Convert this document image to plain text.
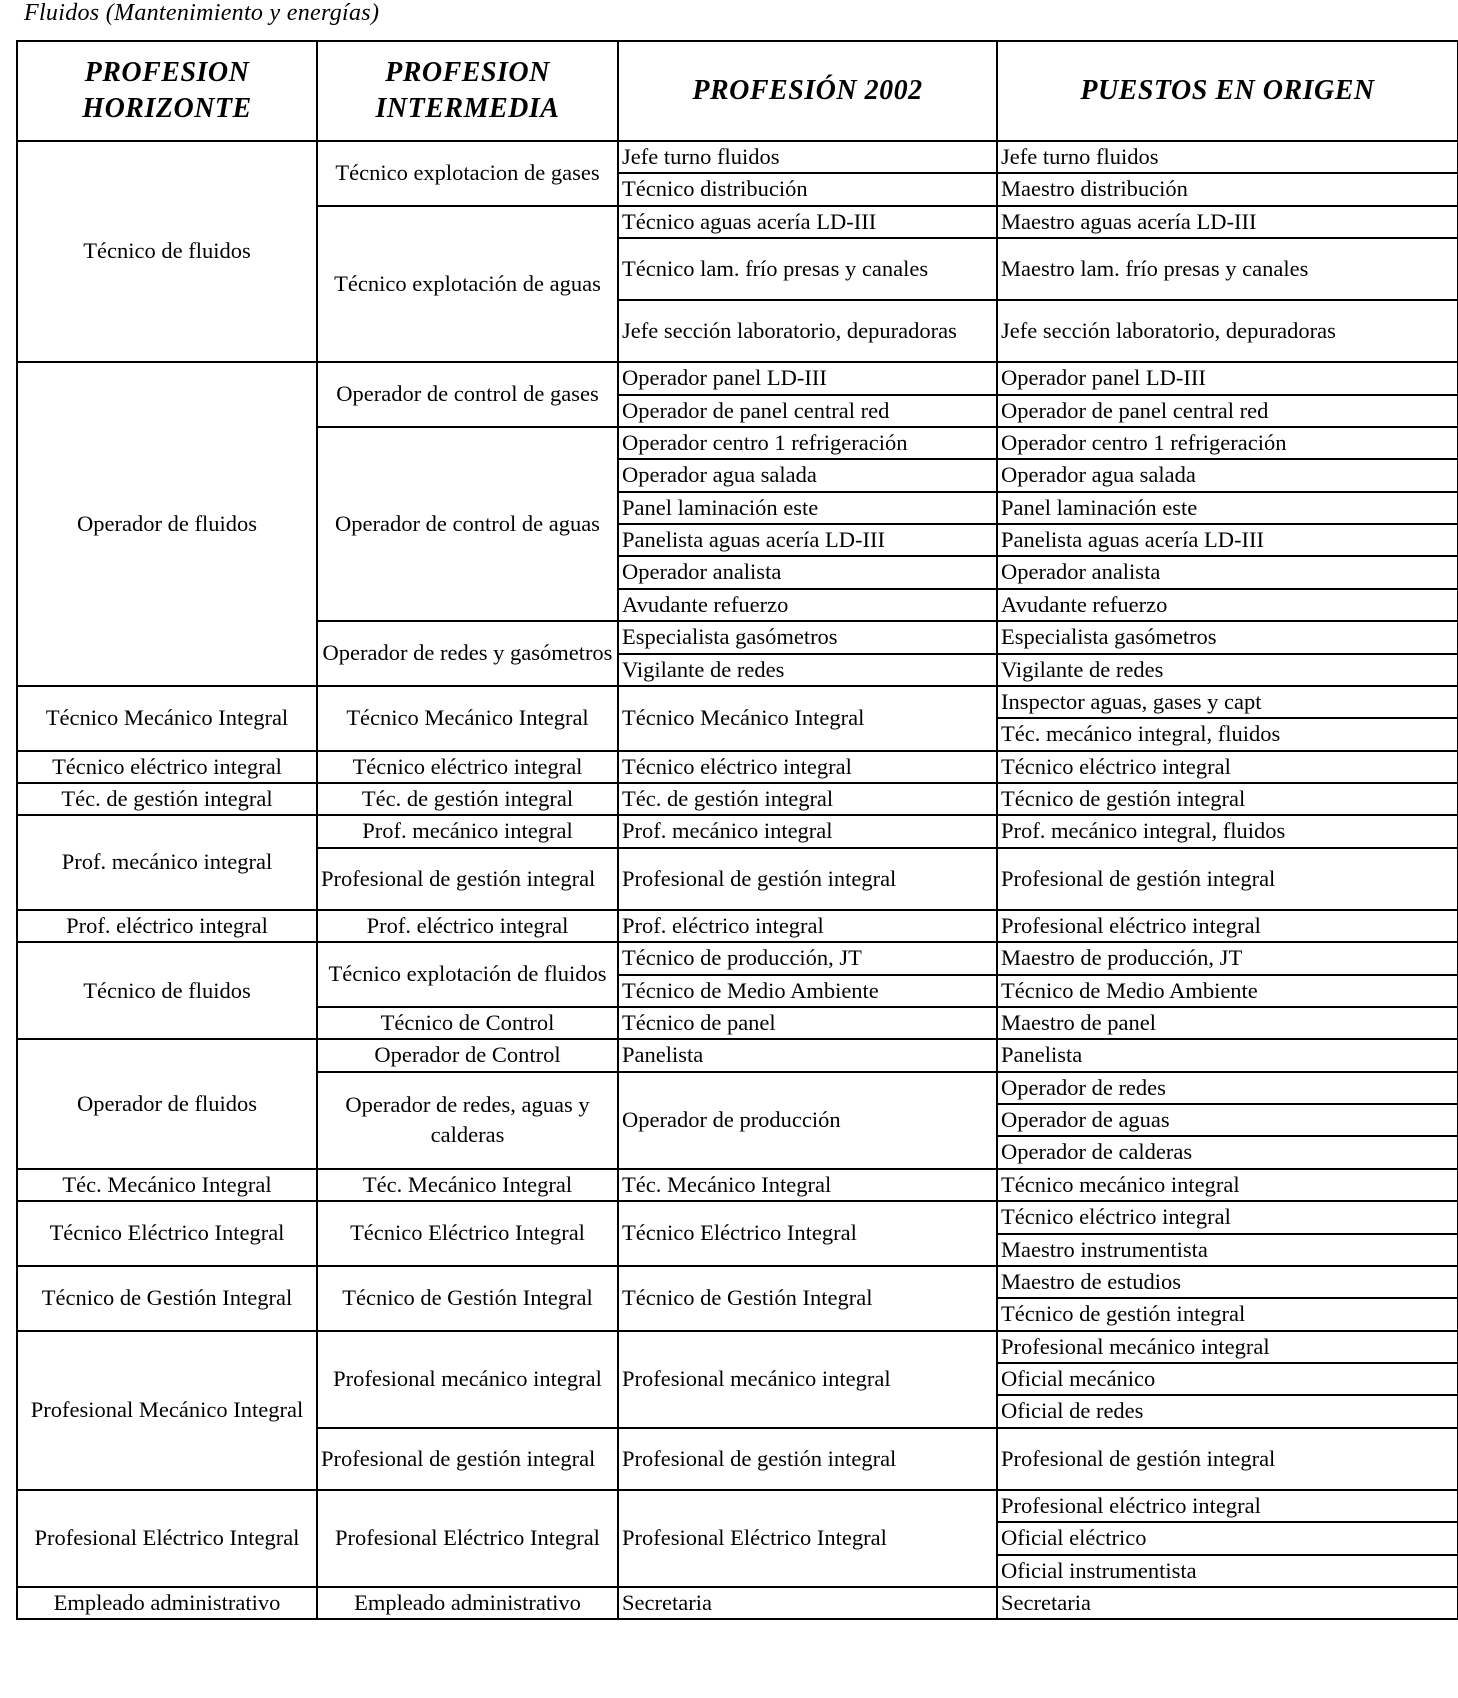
Fluidos (Mantenimiento y energías)
PROFESION HORIZONTE	PROFESION INTERMEDIA	PROFESIÓN 2002	PUESTOS EN ORIGEN
Técnico de fluidos	Técnico explotacion de gases	Jefe turno fluidos	Jefe turno fluidos
		Técnico distribución	Maestro distribución
	Técnico explotación de aguas	Técnico aguas acería LD-III	Maestro aguas acería LD-III
		Técnico lam. frío presas y canales	Maestro lam. frío presas y canales
		Jefe sección laboratorio, depuradoras	Jefe sección laboratorio, depuradoras
Operador de fluidos	Operador de control de gases	Operador panel LD-III	Operador panel LD-III
		Operador de panel central red	Operador de panel central red
	Operador de control de aguas	Operador centro 1 refrigeración	Operador centro 1 refrigeración
		Operador agua salada	Operador agua salada
		Panel laminación este	Panel laminación este
		Panelista aguas acería LD-III	Panelista aguas acería LD-III
		Operador analista	Operador analista
		Avudante refuerzo	Avudante refuerzo
	Operador de redes y gasómetros	Especialista gasómetros	Especialista gasómetros
		Vigilante de redes	Vigilante de redes
Técnico Mecánico Integral	Técnico Mecánico Integral	Técnico Mecánico Integral	Inspector aguas, gases y capt
			Téc. mecánico integral, fluidos
Técnico eléctrico integral	Técnico eléctrico integral	Técnico eléctrico integral	Técnico eléctrico integral
Téc. de gestión integral	Téc. de gestión integral	Téc. de gestión integral	Técnico de gestión integral
Prof. mecánico integral	Prof. mecánico integral	Prof. mecánico integral	Prof. mecánico integral, fluidos
	Profesional de gestión integral	Profesional de gestión integral	Profesional de gestión integral
Prof. eléctrico integral	Prof. eléctrico integral	Prof. eléctrico integral	Profesional eléctrico integral
Técnico de fluidos	Técnico explotación de fluidos	Técnico de producción, JT	Maestro de producción, JT
		Técnico de Medio Ambiente	Técnico de Medio Ambiente
	Técnico de Control	Técnico de panel	Maestro de panel
Operador de fluidos	Operador de Control	Panelista	Panelista
	Operador de redes, aguas y calderas	Operador de producción	Operador de redes
			Operador de aguas
			Operador de calderas
Téc. Mecánico Integral	Téc. Mecánico Integral	Téc. Mecánico Integral	Técnico mecánico integral
Técnico Eléctrico Integral	Técnico Eléctrico Integral	Técnico Eléctrico Integral	Técnico eléctrico integral
			Maestro instrumentista
Técnico de Gestión Integral	Técnico de Gestión Integral	Técnico de Gestión Integral	Maestro de estudios
			Técnico de gestión integral
Profesional Mecánico Integral	Profesional mecánico integral	Profesional mecánico integral	Profesional mecánico integral
			Oficial mecánico
			Oficial de redes
	Profesional de gestión integral	Profesional de gestión integral	Profesional de gestión integral
Profesional Eléctrico Integral	Profesional Eléctrico Integral	Profesional Eléctrico Integral	Profesional eléctrico integral
			Oficial eléctrico
			Oficial instrumentista
Empleado administrativo	Empleado administrativo	Secretaria	Secretaria
